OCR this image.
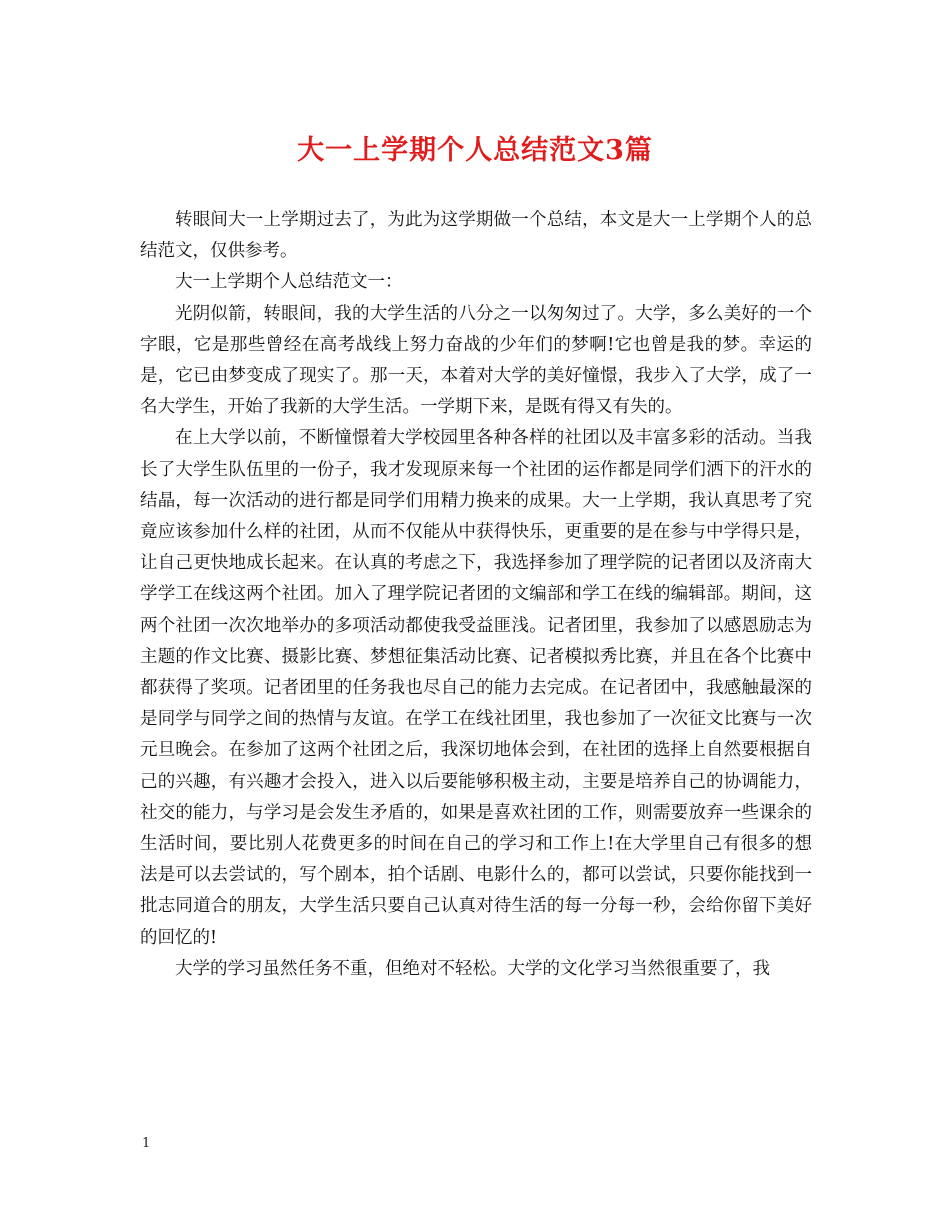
大一上学期个人总结范文3篇

转眼间大一上学期过去了，为此为这学期做一个总结，本文是大一上学期个人的总结范文，仅供参考。

大一上学期个人总结范文一：

光阴似箭，转眼间，我的大学生活的八分之一以匆匆过了。大学，多么美好的一个字眼，它是那些曾经在高考战线上努力奋战的少年们的梦啊!它也曾是我的梦。幸运的是，它已由梦变成了现实了。那一天，本着对大学的美好憧憬，我步入了大学，成了一名大学生，开始了我新的大学生活。一学期下来，是既有得又有失的。

在上大学以前，不断憧憬着大学校园里各种各样的社团以及丰富多彩的活动。当我长了大学生队伍里的一份子，我才发现原来每一个社团的运作都是同学们洒下的汗水的结晶，每一次活动的进行都是同学们用精力换来的成果。大一上学期，我认真思考了究竟应该参加什么样的社团，从而不仅能从中获得快乐，更重要的是在参与中学得只是，让自己更快地成长起来。在认真的考虑之下，我选择参加了理学院的记者团以及济南大学学工在线这两个社团。加入了理学院记者团的文编部和学工在线的编辑部。期间，这两个社团一次次地举办的多项活动都使我受益匪浅。记者团里，我参加了以感恩励志为主题的作文比赛、摄影比赛、梦想征集活动比赛、记者模拟秀比赛，并且在各个比赛中都获得了奖项。记者团里的任务我也尽自己的能力去完成。在记者团中，我感触最深的是同学与同学之间的热情与友谊。在学工在线社团里，我也参加了一次征文比赛与一次元旦晚会。在参加了这两个社团之后，我深切地体会到，在社团的选择上自然要根据自己的兴趣，有兴趣才会投入，进入以后要能够积极主动，主要是培养自己的协调能力，社交的能力，与学习是会发生矛盾的，如果是喜欢社团的工作，则需要放弃一些课余的生活时间，要比别人花费更多的时间在自己的学习和工作上!在大学里自己有很多的想法是可以去尝试的，写个剧本，拍个话剧、电影什么的，都可以尝试，只要你能找到一批志同道合的朋友，大学生活只要自己认真对待生活的每一分每一秒，会给你留下美好的回忆的!

大学的学习虽然任务不重，但绝对不轻松。大学的文化学习当然很重要了，我

1
